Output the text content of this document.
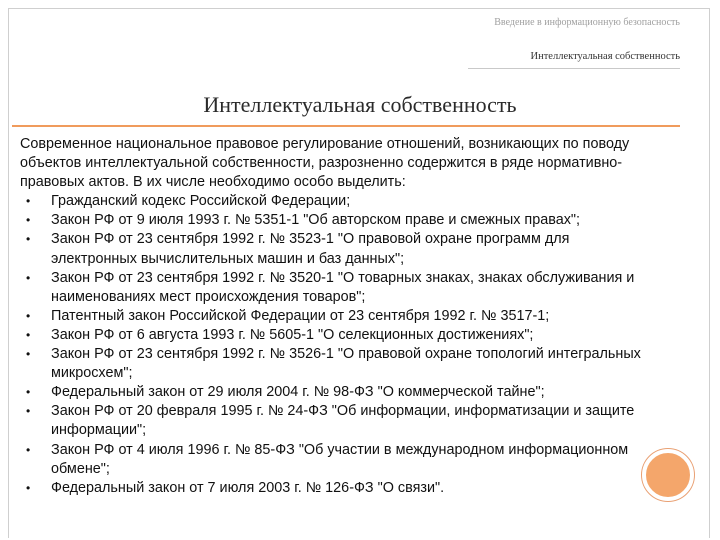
Введение в информационную безопасность
Интеллектуальная собственность
Интеллектуальная собственность

Современное национальное правовое регулирование отношений, возникающих по поводу объектов интеллектуальной собственности, разрозненно содержится в ряде нормативно-правовых актов. В их числе необходимо особо выделить:

• Гражданский кодекс Российской Федерации;
• Закон РФ от 9 июля 1993 г. № 5351-1 "Об авторском праве и смежных правах";
• Закон РФ от 23 сентября 1992 г. № 3523-1 "О правовой охране программ для электронных вычислительных машин и баз данных";
• Закон РФ от 23 сентября 1992 г. № 3520-1 "О товарных знаках, знаках обслуживания и наименованиях мест происхождения товаров";
• Патентный закон Российской Федерации от 23 сентября 1992 г. № 3517-1;
• Закон РФ от 6 августа 1993 г. № 5605-1 "О селекционных достижениях";
• Закон РФ от 23 сентября 1992 г. № 3526-1 "О правовой охране топологий интегральных микросхем";
• Федеральный закон от 29 июля 2004 г. № 98-ФЗ "О коммерческой тайне";
• Закон РФ от 20 февраля 1995 г. № 24-ФЗ "Об информации, информатизации и защите информации";
• Закон РФ от 4 июля 1996 г. № 85-ФЗ "Об участии в международном информационном обмене";
• Федеральный закон от 7 июля 2003 г. № 126-ФЗ "О связи".
